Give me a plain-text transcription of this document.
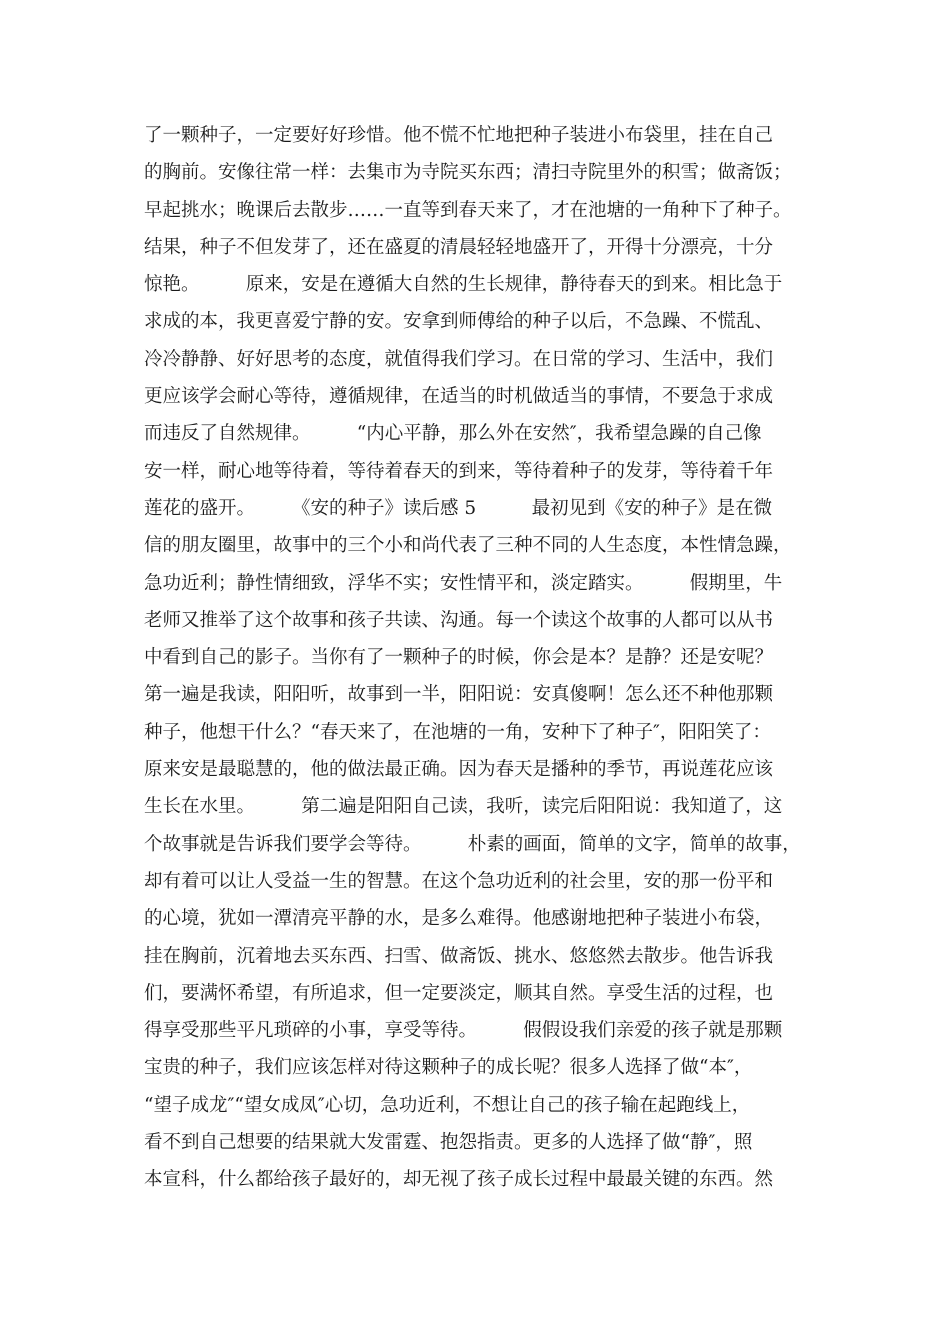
了一颗种子，一定要好好珍惜。他不慌不忙地把种子装进小布袋里，挂在自己
的胸前。安像往常一样：去集市为寺院买东西；清扫寺院里外的积雪；做斋饭；
早起挑水；晚课后去散步……一直等到春天来了，才在池塘的一角种下了种子。
结果，种子不但发芽了，还在盛夏的清晨轻轻地盛开了，开得十分漂亮，十分
惊艳。　　　原来，安是在遵循大自然的生长规律，静待春天的到来。相比急于
求成的本，我更喜爱宁静的安。安拿到师傅给的种子以后，不急躁、不慌乱、
冷冷静静、好好思考的态度，就值得我们学习。在日常的学习、生活中，我们
更应该学会耐心等待，遵循规律，在适当的时机做适当的事情，不要急于求成
而违反了自然规律。　　　“内心平静，那么外在安然″，我希望急躁的自己像
安一样，耐心地等待着，等待着春天的到来，等待着种子的发芽，等待着千年
莲花的盛开。　　　《安的种子》读后感 5　　　最初见到《安的种子》是在微
信的朋友圈里，故事中的三个小和尚代表了三种不同的人生态度，本性情急躁，
急功近利；静性情细致，浮华不实；安性情平和，淡定踏实。　　　假期里，牛
老师又推举了这个故事和孩子共读、沟通。每一个读这个故事的人都可以从书
中看到自己的影子。当你有了一颗种子的时候，你会是本？是静？还是安呢？
第一遍是我读，阳阳听，故事到一半，阳阳说：安真傻啊！怎么还不种他那颗
种子，他想干什么？“春天来了，在池塘的一角，安种下了种子″，阳阳笑了：
原来安是最聪慧的，他的做法最正确。因为春天是播种的季节，再说莲花应该
生长在水里。　　　第二遍是阳阳自己读，我听，读完后阳阳说：我知道了，这
个故事就是告诉我们要学会等待。　　　朴素的画面，简单的文字，简单的故事，
却有着可以让人受益一生的智慧。在这个急功近利的社会里，安的那一份平和
的心境，犹如一潭清亮平静的水，是多么难得。他感谢地把种子装进小布袋，
挂在胸前，沉着地去买东西、扫雪、做斋饭、挑水、悠悠然去散步。他告诉我
们，要满怀希望，有所追求，但一定要淡定，顺其自然。享受生活的过程，也
得享受那些平凡琐碎的小事，享受等待。　　　假假设我们亲爱的孩子就是那颗
宝贵的种子，我们应该怎样对待这颗种子的成长呢？很多人选择了做“本″，
“望子成龙″“望女成凤″心切，急功近利，不想让自己的孩子输在起跑线上，
看不到自己想要的结果就大发雷霆、抱怨指责。更多的人选择了做“静″，照
本宣科，什么都给孩子最好的，却无视了孩子成长过程中最最关键的东西。然
